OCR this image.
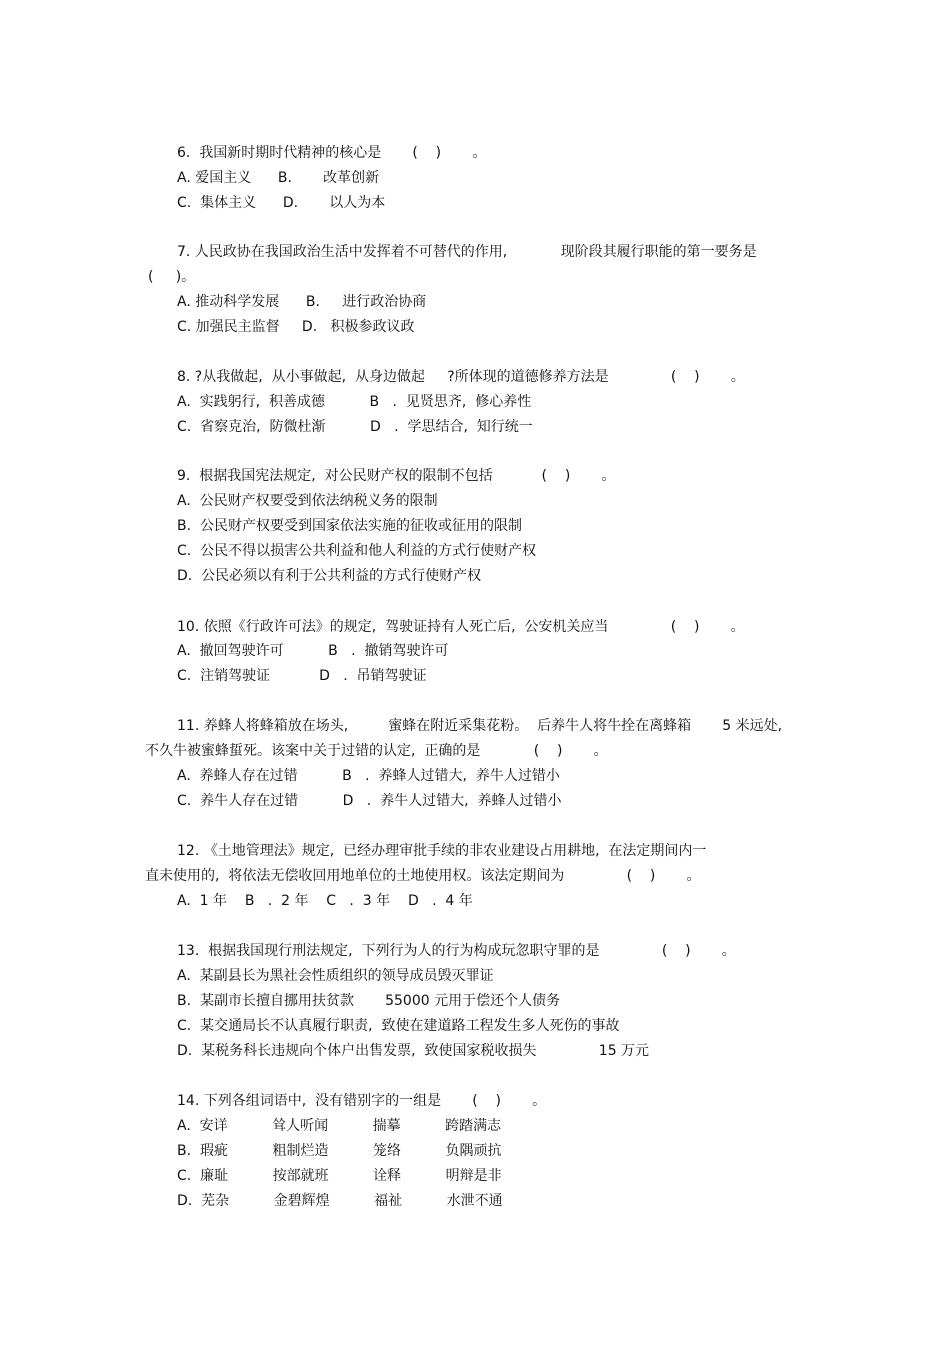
6.  我国新时期时代精神的核心是       (    )       。
A. 爱国主义      B.       改革创新
C.  集体主义      D.       以人为本
7. 人民政协在我国政治生活中发挥着不可替代的作用,            现阶段其履行职能的第一要务是
(     )。
A. 推动科学发展      B.     进行政治协商
C. 加强民主监督     D.   积极参政议政
8. ?从我做起,  从小事做起,  从身边做起     ?所体现的道德修养方法是              (    )       。
A.  实践躬行,  积善成德          B   .  见贤思齐,  修心养性
C.  省察克治,  防微杜渐          D   .  学思结合,  知行统一
9.  根据我国宪法规定,  对公民财产权的限制不包括           (    )       。
A.  公民财产权要受到依法纳税义务的限制
B.  公民财产权要受到国家依法实施的征收或征用的限制
C.  公民不得以损害公共利益和他人利益的方式行使财产权
D.  公民必须以有利于公共利益的方式行使财产权
10. 依照《行政许可法》的规定,  驾驶证持有人死亡后,  公安机关应当              (    )       。
A.  撤回驾驶许可          B   .  撤销驾驶许可
C.  注销驾驶证           D   .  吊销驾驶证
11. 养蜂人将蜂箱放在场头,         蜜蜂在附近采集花粉。  后养牛人将牛拴在离蜂箱       5 米远处,
不久牛被蜜蜂蜇死。该案中关于过错的认定,  正确的是            (    )       。
A.  养蜂人存在过错          B   .  养蜂人过错大,  养牛人过错小
C.  养牛人存在过错          D   .  养牛人过错大,  养蜂人过错小
12. 《土地管理法》规定,  已经办理审批手续的非农业建设占用耕地,  在法定期间内一
直未使用的,  将依法无偿收回用地单位的土地使用权。该法定期间为              (    )       。
A.  1 年    B   .  2 年    C   .  3 年    D   .  4 年
13.  根据我国现行刑法规定,  下列行为人的行为构成玩忽职守罪的是              (    )       。
A.  某副县长为黑社会性质组织的领导成员毁灭罪证
B.  某副市长擅自挪用扶贫款       55000 元用于偿还个人债务
C.  某交通局长不认真履行职责,  致使在建道路工程发生多人死伤的事故
D.  某税务科长违规向个体户出售发票,  致使国家税收损失              15 万元
14. 下列各组词语中,  没有错别字的一组是       (    )       。
A.  安详          耸人听闻          揣摹          跨踏满志
B.  瑕疵          粗制烂造          笼络          负隅顽抗
C.  廉耻          按部就班          诠释          明辩是非
D.  芜杂          金碧辉煌          福祉          水泄不通
